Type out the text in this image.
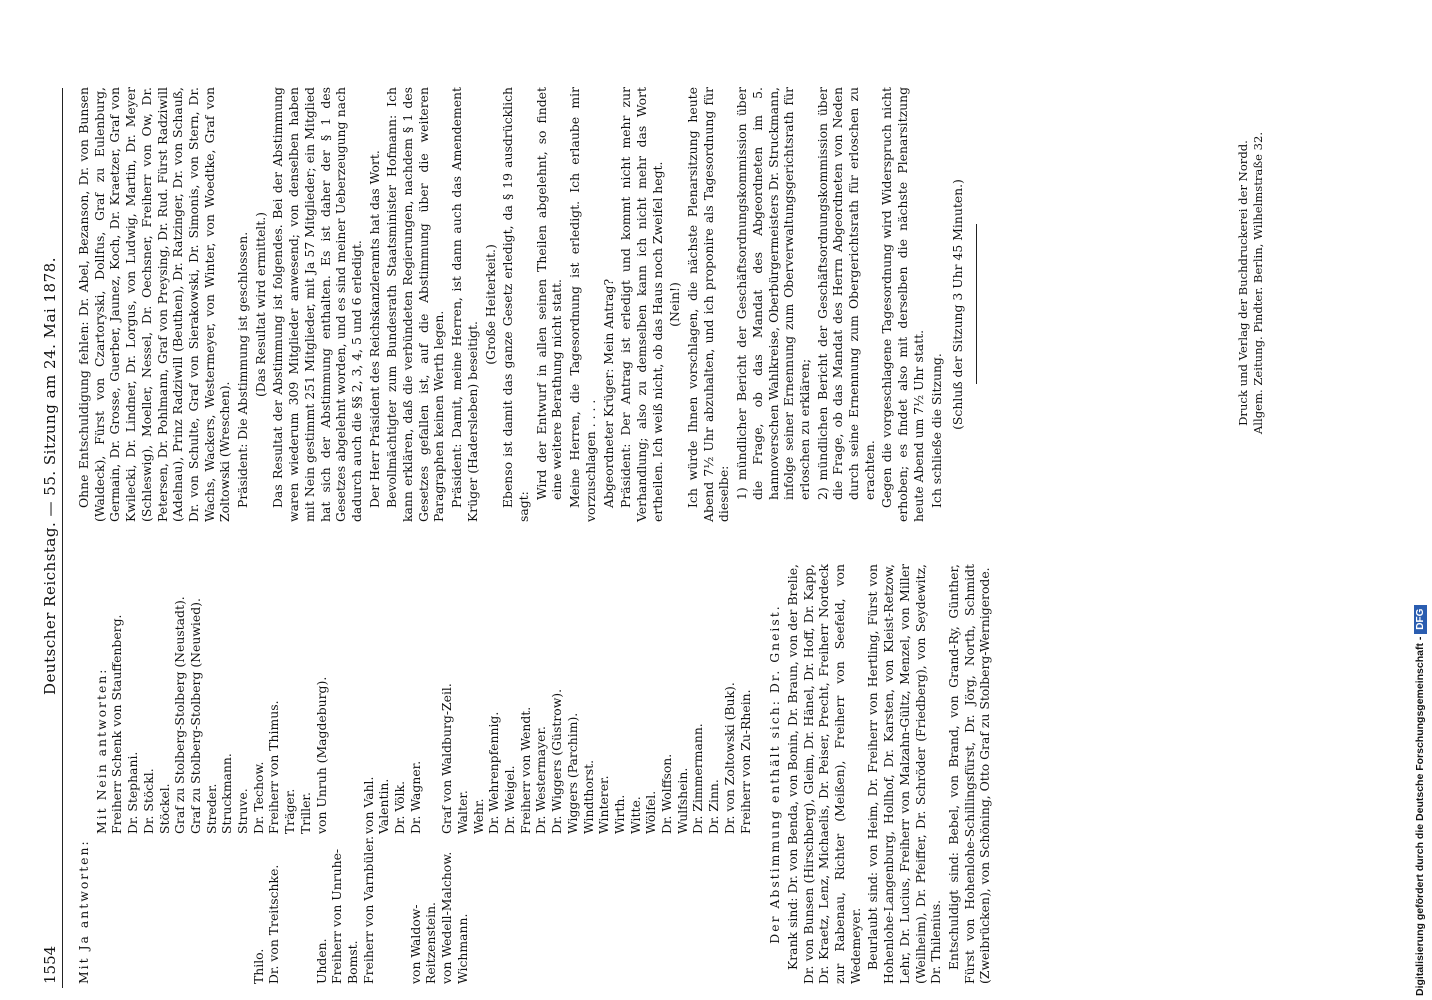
1554
Deutscher Reichstag. — 55. Sitzung am 24. Mai 1878.

Mit Ja antworten:

Mit Nein antworten: Freiherr Schenk von Stauffenberg. Dr. Stephani. Dr. Stöckl. Stöckel. Graf zu Stolberg-Stolberg (Neustadt). Graf zu Stolberg-Stolberg (Neuwied). Streder. Struckmann. Struve.
Thilo.
Dr. Techow.
Dr. von Treitschke.
Freiherr von Thimus. Träger. Triller.
Uhden.
von Unruh (Magdeburg).
Freiherr von Unruhe-Bomst. Freiherr von Varnbüler.
von Vahl. Valentin. Dr. Völk.
von Waldow-Reitzenstein.
Dr. Wagner.
von Wedell-Malchow.
Graf von Waldburg-Zeil.
Wichmann.
Walter. Wehr. Dr. Wehrenpfennig. Dr. Weigel. Freiherr von Wendt. Dr. Westermayer. Dr. Wiggers (Güstrow). Wiggers (Parchim). Windthorst. Winterer. Wirth. Witte. Wölfel. Dr. Wolffson. Wulfshein. Dr. Zimmermann. Dr. Zinn. Dr. von Zoltowski (Buk). Freiherr von Zu-Rhein. Der Abstimmung enthält sich: Dr. Gneist. Krank sind: Dr. von Benda, von Bonin, Dr. Braun, von der Brelie, Dr. von Bunsen (Hirschberg), Gleim, Dr. Hänel, Dr. Hoff, Dr. Kapp, Dr. Kraetz, Lenz, Michaelis, Dr. Peiser, Precht, Freiherr Nordeck zur Rabenau, Richter (Meißen), Freiherr von Seefeld, von Wedemeyer. Beurlaubt sind: von Heim, Dr. Freiherr von Hertling, Fürst von Hohenlohe-Langenburg, Hollhof, Dr. Karsten, von Kleist-Retzow, Lehr, Dr. Lucius, Freiherr von Malzahn-Gültz, Menzel, von Miller (Weilheim), Dr. Pfeiffer, Dr. Schröder (Friedberg), von Seydewitz, Dr. Thilenius. Entschuldigt sind: Bebel, von Brand, von Grand-Ry, Günther, Fürst von Hohenlohe-Schillingsfürst, Dr. Jörg, North, Schmidt (Zweibrücken), von Schöning, Otto Graf zu Stolberg-Wernigerode.

Ohne Entschuldigung fehlen: Dr. Abel, Bezanson, Dr. von Bunsen (Waldeck), Fürst von Czartoryski, Dollfus, Graf zu Eulenburg, Germain, Dr. Grosse, Guerber, Jaunez, Koch, Dr. Kraetzer, Graf von Kwilecki, Dr. Lindner, Dr. Lorgus, von Ludwig, Martin, Dr. Meyer (Schleswig), Moeller, Nessel, Dr. Oechsner, Freiherr von Ow, Dr. Petersen, Dr. Pohlmann, Graf von Preysing, Dr. Rud. Fürst Radziwill (Adelnau), Prinz Radziwill (Beuthen), Dr. Ratzinger, Dr. von Schauß, Dr. von Schulte, Graf von Sierakowski, Dr. Simonis, von Stern, Dr. Wachs, Wackers, Westermeyer, von Winter, von Woedtke, Graf von Zoltowski (Wreschen). Präsident: Die Abstimmung ist geschlossen. (Das Resultat wird ermittelt.) Das Resultat der Abstimmung ist folgendes. Bei der Abstimmung waren wiederum 309 Mitglieder anwesend; von denselben haben mit Nein gestimmt 251 Mitglieder, mit Ja 57 Mitglieder; ein Mitglied hat sich der Abstimmung enthalten. Es ist daher der § 1 des Gesetzes abgelehnt worden, und es sind meiner Ueberzeugung nach dadurch auch die §§ 2, 3, 4, 5 und 6 erledigt. Der Herr Präsident des Reichskanzleramts hat das Wort. Bevollmächtigter zum Bundesrath Staatsminister Hofmann: Ich kann erklären, daß die verbündeten Regierungen, nachdem § 1 des Gesetzes gefallen ist, auf die Abstimmung über die weiteren Paragraphen keinen Werth legen. Präsident: Damit, meine Herren, ist dann auch das Amendement Krüger (Hadersleben) beseitigt.

(Große Heiterkeit.) Ebenso ist damit das ganze Gesetz erledigt, da § 19 ausdrücklich sagt:

Wird der Entwurf in allen seinen Theilen abgelehnt, so findet eine weitere Berathung nicht statt. Meine Herren, die Tagesordnung ist erledigt. Ich erlaube mir vorzuschlagen . . . . Abgeordneter Krüger: Mein Antrag? Präsident: Der Antrag ist erledigt und kommt nicht mehr zur Verhandlung; also zu demselben kann ich nicht mehr das Wort ertheilen. Ich weiß nicht, ob das Haus noch Zweifel hegt. (Nein!) Ich würde Ihnen vorschlagen, die nächste Plenarsitzung heute Abend 7½ Uhr abzuhalten, und ich proponire als Tagesordnung für dieselbe: 1) mündlicher Bericht der Geschäftsordnungskommission über die Frage, ob das Mandat des Abgeordneten im 5. hannoverschen Wahlkreise, Oberbürgermeisters Dr. Struckmann, infolge seiner Ernennung zum Oberverwaltungsgerichtsrath für erloschen zu erklären; 2) mündlichen Bericht der Geschäftsordnungskommission über die Frage, ob das Mandat des Herrn Abgeordneten von Neden durch seine Ernennung zum Obergerichtsrath für erloschen zu erachten. Gegen die vorgeschlagene Tagesordnung wird Widerspruch nicht erhoben; es findet also mit derselben die nächste Plenarsitzung heute Abend um 7½ Uhr statt. Ich schließe die Sitzung.

(Schluß der Sitzung 3 Uhr 45 Minuten.)	Druck und Verlag der Buchdruckerei der Nordd. Allgem. Zeitung. Pindter. Berlin, Wilhelmstraße 32.
Digitalisierung gefördert durch die Deutsche Forschungsgemeinschaft - DFG
